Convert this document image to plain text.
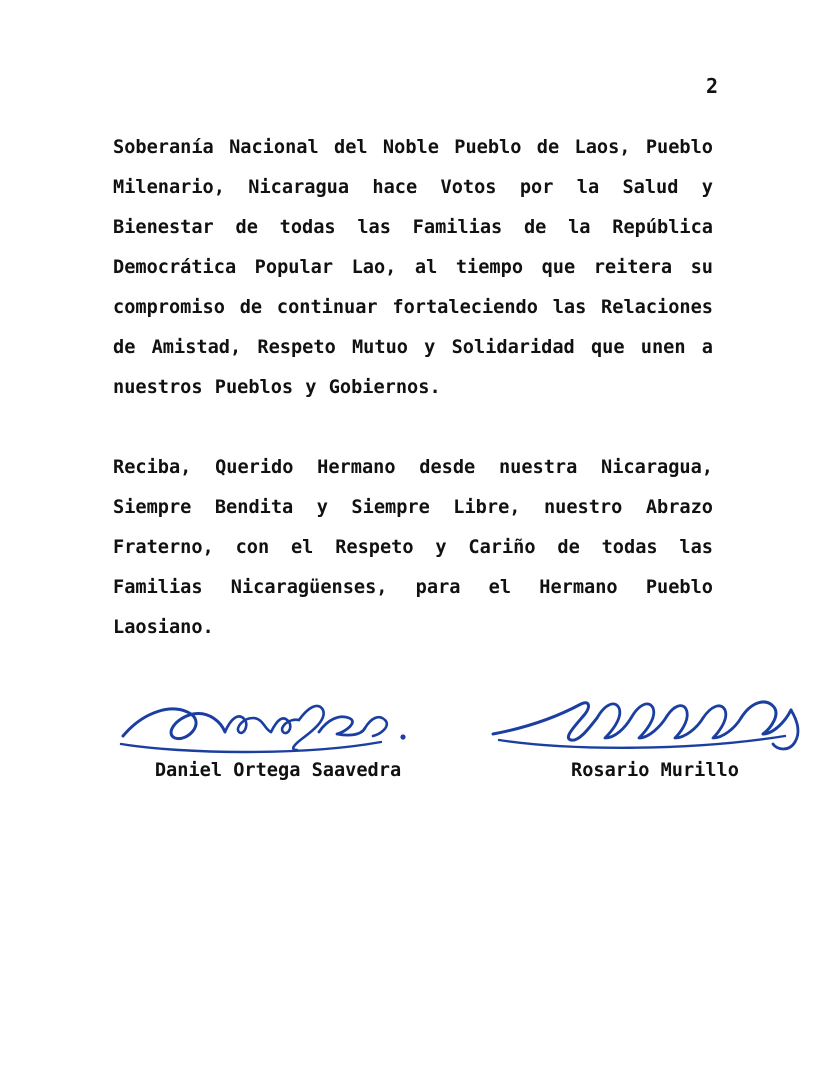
2

Soberanía Nacional del Noble Pueblo de Laos, Pueblo Milenario, Nicaragua hace Votos por la Salud y Bienestar de todas las Familias de la República Democrática Popular Lao, al tiempo que reitera su compromiso de continuar fortaleciendo las Relaciones de Amistad, Respeto Mutuo y Solidaridad que unen a nuestros Pueblos y Gobiernos.

Reciba, Querido Hermano desde nuestra Nicaragua, Siempre Bendita y Siempre Libre, nuestro Abrazo Fraterno, con el Respeto y Cariño de todas las Familias Nicaragüenses, para el Hermano Pueblo Laosiano.

Daniel Ortega Saavedra	Rosario Murillo
